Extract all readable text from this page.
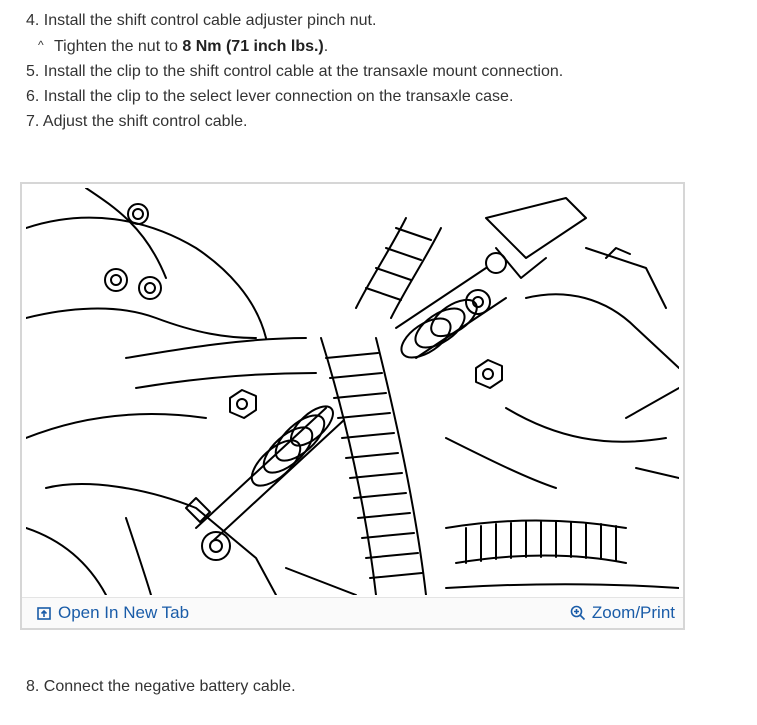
4. Install the shift control cable adjuster pinch nut.
^ Tighten the nut to 8 Nm (71 inch lbs.).
5. Install the clip to the shift control cable at the transaxle mount connection.
6. Install the clip to the select lever connection on the transaxle case.
7. Adjust the shift control cable.
Open In New Tab	Zoom/Print
8. Connect the negative battery cable.
